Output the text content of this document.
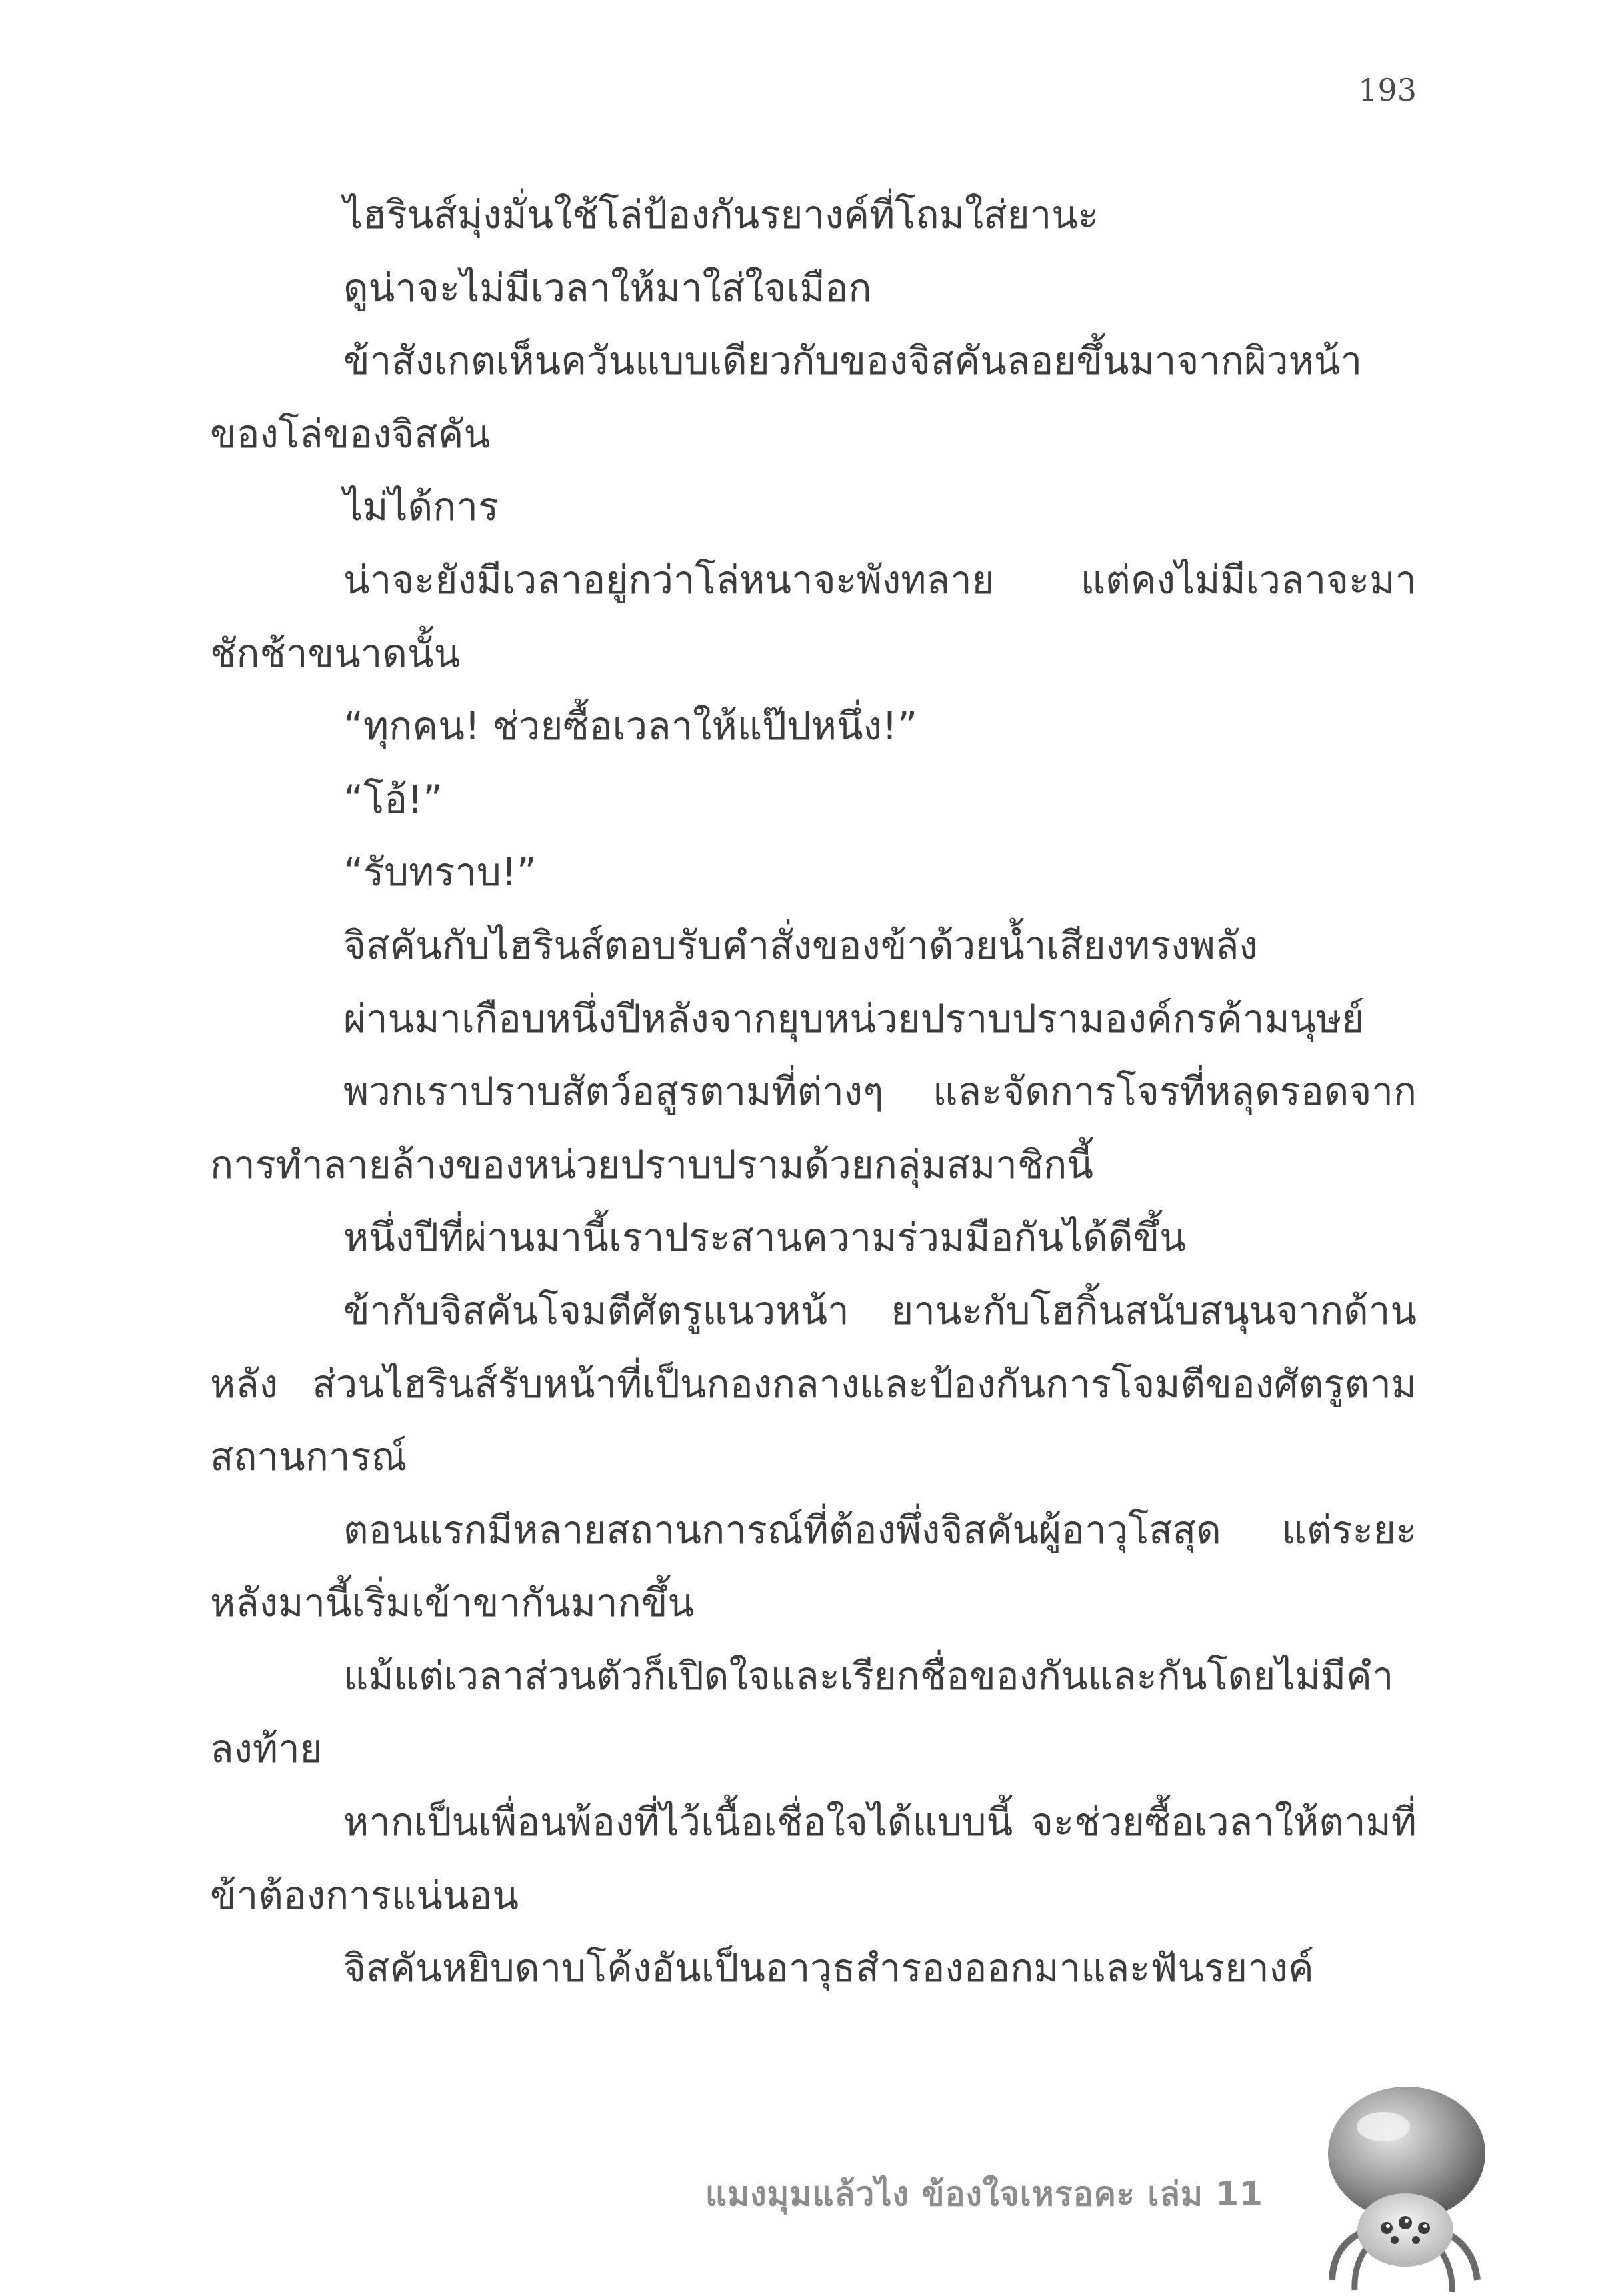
193

ไฮรินส์มุ่งมั่นใช้โล่ป้องกันรยางค์ที่โถมใส่ยานะ

ดูน่าจะไม่มีเวลาให้มาใส่ใจเมือก

ข้าสังเกตเห็นควันแบบเดียวกับของจิสคันลอยขึ้นมาจากผิวหน้าของโล่ของจิสคัน

ไม่ได้การ

น่าจะยังมีเวลาอยู่กว่าโล่หนาจะพังทลาย แต่คงไม่มีเวลาจะมาชักช้าขนาดนั้น

“ทุกคน! ช่วยซื้อเวลาให้แป๊ปหนึ่ง!”

“โอ้!”

“รับทราบ!”

จิสคันกับไฮรินส์ตอบรับคำสั่งของข้าด้วยน้ำเสียงทรงพลัง

ผ่านมาเกือบหนึ่งปีหลังจากยุบหน่วยปราบปรามองค์กรค้ามนุษย์

พวกเราปราบสัตว์อสูรตามที่ต่างๆ และจัดการโจรที่หลุดรอดจากการทำลายล้างของหน่วยปราบปรามด้วยกลุ่มสมาชิกนี้

หนึ่งปีที่ผ่านมานี้เราประสานความร่วมมือกันได้ดีขึ้น

ข้ากับจิสคันโจมตีศัตรูแนวหน้า ยานะกับโฮกิ้นสนับสนุนจากด้านหลัง ส่วนไฮรินส์รับหน้าที่เป็นกองกลางและป้องกันการโจมตีของศัตรูตามสถานการณ์

ตอนแรกมีหลายสถานการณ์ที่ต้องพึ่งจิสคันผู้อาวุโสสุด แต่ระยะหลังมานี้เริ่มเข้าขากันมากขึ้น

แม้แต่เวลาส่วนตัวก็เปิดใจและเรียกชื่อของกันและกันโดยไม่มีคำลงท้าย

หากเป็นเพื่อนพ้องที่ไว้เนื้อเชื่อใจได้แบบนี้ จะช่วยซื้อเวลาให้ตามที่ข้าต้องการแน่นอน

จิสคันหยิบดาบโค้งอันเป็นอาวุธสำรองออกมาและฟันรยางค์

แมงมุมแล้วไง ข้องใจเหรอคะ เล่ม 11
